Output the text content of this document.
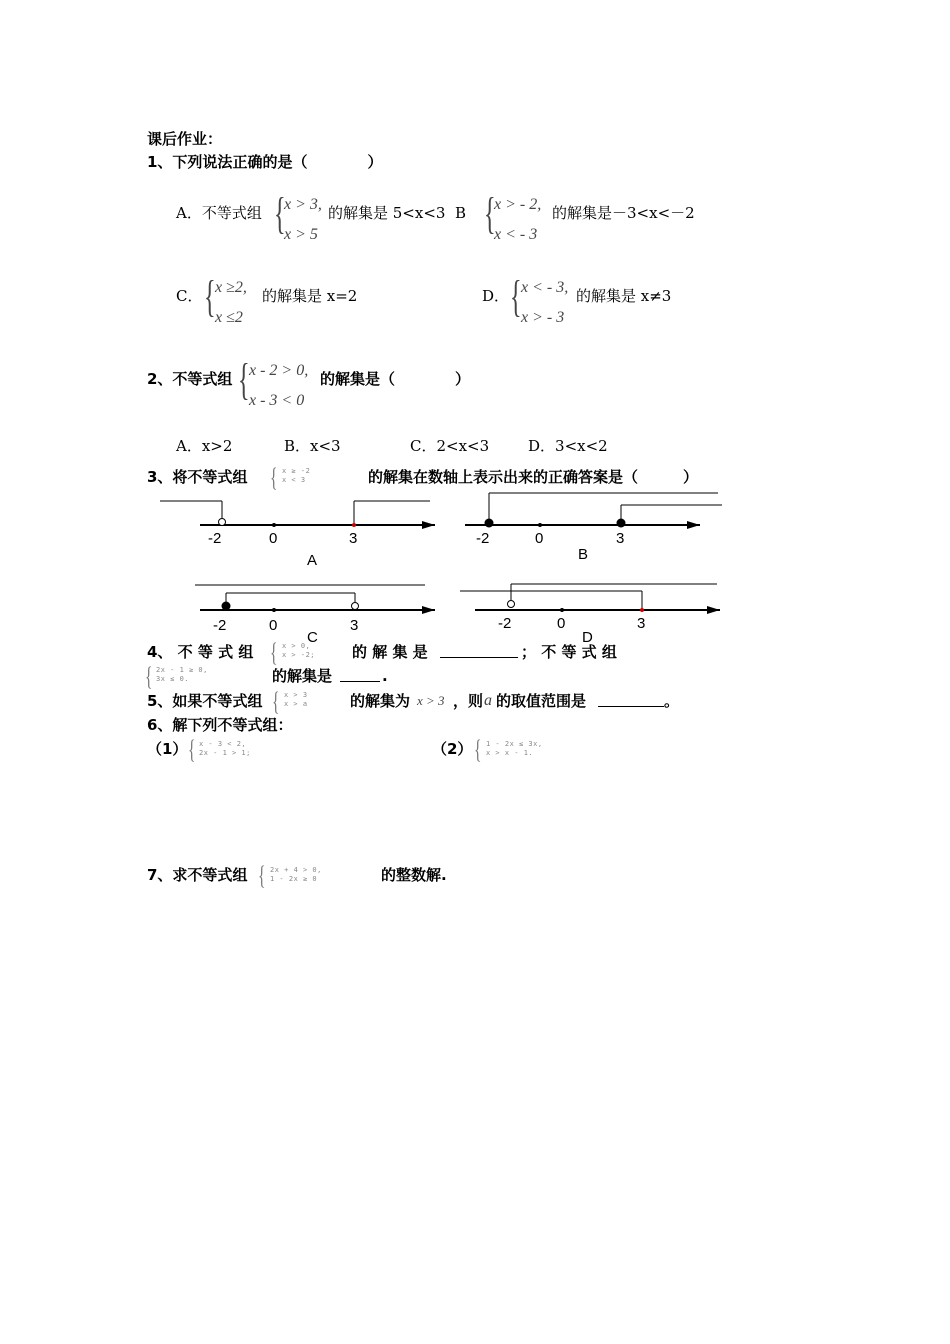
课后作业：
1、下列说法正确的是（　　　　）
A．不等式组 {
x > 3,
x > 5
的解集是 5<x<3 B {
x > - 2,
x < - 3
的解集是－3<x<－2
C． { x ≥2,
x ≤2
的解集是 x=2	D． { x < - 3,
x > - 3
的解集是 x≠3
2、不等式组 { x - 2 > 0,
x - 3 < 0
的解集是（　　　　）
A．x>2	B．x<3	C．2<x<3	D．3<x<2
3、将不等式组 { x ≥ -2
x < 3	的解集在数轴上表示出来的正确答案是（　　　）
-2	0	3
A
-2	0	3
B
-2	0	3
C
-2	0	3
D
4、 不 等 式 组 { x > 0,
x > -2; 的 解 集 是	； 不 等 式 组
{ 2x - 1 ≥ 0,
3x ≤ 0.	的解集是	.
5、如果不等式组 { x > 3
x > a	的解集为 x > 3 ，则 a 的取值范围是	。
6、解下列不等式组：
（1） { x - 3 < 2,
2x - 1 > 1;	（2） { 1 - 2x ≤ 3x,
x > x - 1.
7、求不等式组 { 2x + 4 > 0,
1 - 2x ≥ 0	的整数解.
